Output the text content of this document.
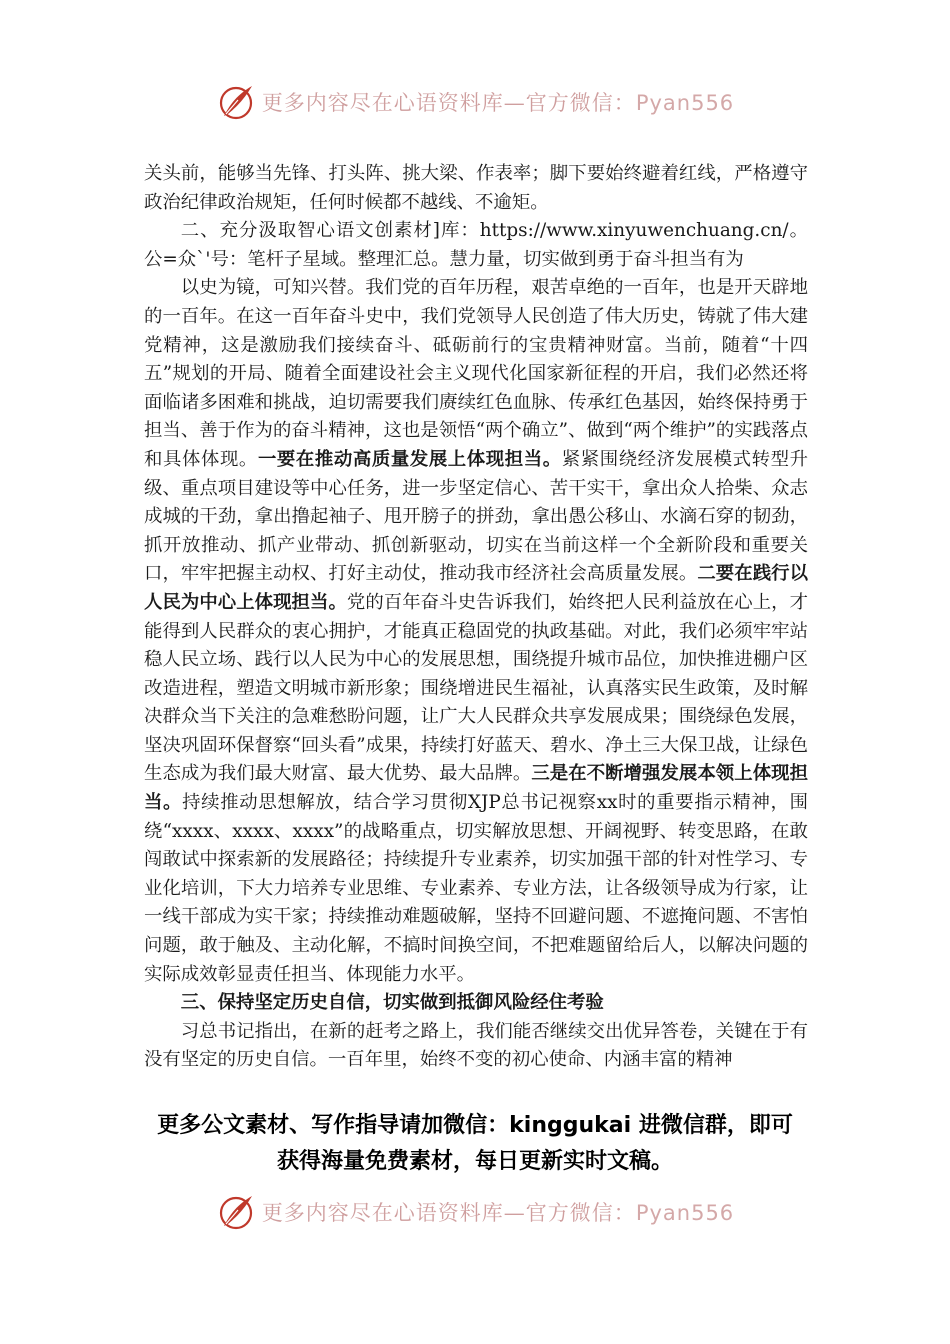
更多内容尽在心语资料库—官方微信：Pyan556

关头前，能够当先锋、打头阵、挑大梁、作表率；脚下要始终避着红线，严格遵守政治纪律政治规矩，任何时候都不越线、不逾矩。

二、充分汲取智心语文创素材]库：https://www.xinyuwenchuang.cn/。公=众`'号：笔杆子星域。整理汇总。慧力量，切实做到勇于奋斗担当有为

以史为镜，可知兴替。我们党的百年历程，艰苦卓绝的一百年，也是开天辟地的一百年。在这一百年奋斗史中，我们党领导人民创造了伟大历史，铸就了伟大建党精神，这是激励我们接续奋斗、砥砺前行的宝贵精神财富。当前，随着“十四五”规划的开局、随着全面建设社会主义现代化国家新征程的开启，我们必然还将面临诸多困难和挑战，迫切需要我们赓续红色血脉、传承红色基因，始终保持勇于担当、善于作为的奋斗精神，这也是领悟“两个确立”、做到“两个维护”的实践落点和具体体现。一要在推动高质量发展上体现担当。紧紧围绕经济发展模式转型升级、重点项目建设等中心任务，进一步坚定信心、苦干实干，拿出众人拾柴、众志成城的干劲，拿出撸起袖子、甩开膀子的拼劲，拿出愚公移山、水滴石穿的韧劲，抓开放推动、抓产业带动、抓创新驱动，切实在当前这样一个全新阶段和重要关口，牢牢把握主动权、打好主动仗，推动我市经济社会高质量发展。二要在践行以人民为中心上体现担当。党的百年奋斗史告诉我们，始终把人民利益放在心上，才能得到人民群众的衷心拥护，才能真正稳固党的执政基础。对此，我们必须牢牢站稳人民立场、践行以人民为中心的发展思想，围绕提升城市品位，加快推进棚户区改造进程，塑造文明城市新形象；围绕增进民生福祉，认真落实民生政策，及时解决群众当下关注的急难愁盼问题，让广大人民群众共享发展成果；围绕绿色发展，坚决巩固环保督察“回头看”成果，持续打好蓝天、碧水、净土三大保卫战，让绿色生态成为我们最大财富、最大优势、最大品牌。三是在不断增强发展本领上体现担当。持续推动思想解放，结合学习贯彻XJP总书记视察xx时的重要指示精神，围绕“xxxx、xxxx、xxxx”的战略重点，切实解放思想、开阔视野、转变思路，在敢闯敢试中探索新的发展路径；持续提升专业素养，切实加强干部的针对性学习、专业化培训，下大力培养专业思维、专业素养、专业方法，让各级领导成为行家，让一线干部成为实干家；持续推动难题破解，坚持不回避问题、不遮掩问题、不害怕问题，敢于触及、主动化解，不搞时间换空间，不把难题留给后人，以解决问题的实际成效彰显责任担当、体现能力水平。

三、保持坚定历史自信，切实做到抵御风险经住考验

习总书记指出，在新的赶考之路上，我们能否继续交出优异答卷，关键在于有没有坚定的历史自信。一百年里，始终不变的初心使命、内涵丰富的精神

更多公文素材、写作指导请加微信：kinggukai 进微信群，即可
获得海量免费素材，每日更新实时文稿。
更多内容尽在心语资料库—官方微信：Pyan556
